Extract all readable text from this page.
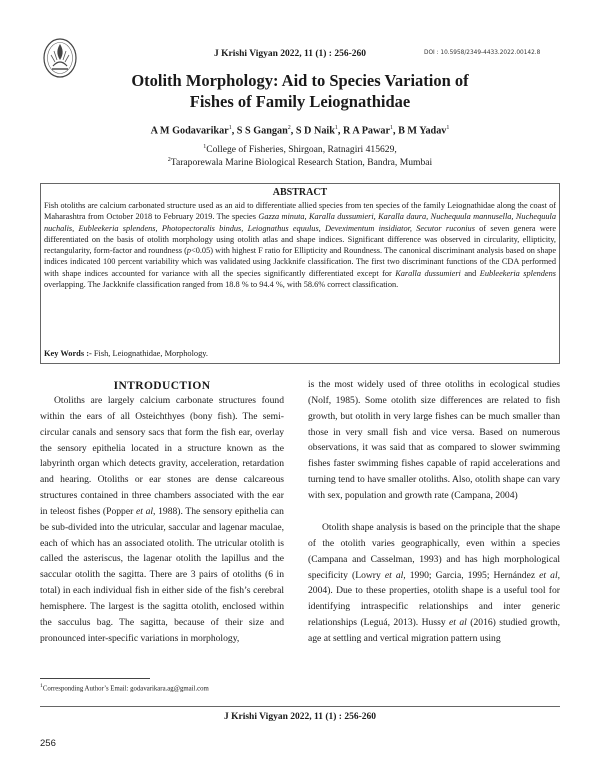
J Krishi Vigyan 2022, 11 (1) : 256-260	DOI : 10.5958/2349-4433.2022.00142.8
Otolith Morphology: Aid to Species Variation of
Fishes of Family Leiognathidae
A M Godavarikar$^1$, S S Gangan$^2$, S D Naik$^1$, R A Pawar$^1$, B M Yadav$^1$
$^1$College of Fisheries, Shirgoan, Ratnagiri 415629,
$^2$Taraporewala Marine Biological Research Station, Bandra, Mumbai
ABSTRACT

Fish otoliths are calcium carbonated structure used as an aid to differentiate allied species from ten species of the family Leiognathidae along the coast of Maharashtra from October 2018 to February 2019. The species Gazza minuta, Karalla dussumieri, Karalla daura, Nuchequula mannusella, Nuchequula nuchalis, Eubleekeria splendens, Photopectoralis bindus, Leiognathus equulus, Deveximentum insidiator, Secutor ruconius of seven genera were differentiated on the basis of otolith morphology using otolith atlas and shape indices. Significant difference was observed in circularity, ellipticity, rectangularity, form-factor and roundness (p<0.05) with highest F ratio for Ellipticity and Roundness. The canonical discriminant analysis based on shape indices indicated 100 percent variability which was validated using Jackknife classification. The first two discriminant functions of the CDA performed with shape indices accounted for variance with all the species significantly differentiated except for Karalla dussumieri and Eubleekeria splendens overlapping. The Jackknife classification ranged from 18.8 % to 94.4 %, with 58.6% correct classification.

Key Words :- Fish, Leiognathidae, Morphology.
INTRODUCTION

Otoliths are largely calcium carbonate structures found within the ears of all Osteichthyes (bony fish). The semi-circular canals and sensory sacs that form the fish ear, overlay the sensory epithelia located in a structure known as the labyrinth organ which detects gravity, acceleration, retardation and hearing. Otoliths or ear stones are dense calcareous structures contained in three chambers associated with the ear in teleost fishes (Popper et al, 1988). The sensory epithelia can be sub-divided into the utricular, saccular and lagenar maculae, each of which has an associated otolith. The utricular otolith is called the asteriscus, the lagenar otolith the lapillus and the saccular otolith the sagitta. There are 3 pairs of otoliths (6 in total) in each individual fish in either side of the fish’s cerebral hemisphere. The largest is the sagitta otolith, enclosed within the sacculus bag. The sagitta, because of their size and pronounced inter-specific variations in morphology,

is the most widely used of three otoliths in ecological studies (Nolf, 1985). Some otolith size differences are related to fish growth, but otolith in very large fishes can be much smaller than those in very small fish and vice versa. Based on numerous observations, it was said that as compared to slower swimming fishes faster swimming fishes capable of rapid accelerations and turning tend to have smaller otoliths. Also, otolith shape can vary with sex, population and growth rate (Campana, 2004)

Otolith shape analysis is based on the principle that the shape of the otolith varies geographically, even within a species (Campana and Casselman, 1993) and has high morphological specificity (Lowry et al, 1990; Garcia, 1995; Hernández et al, 2004). Due to these properties, otolith shape is a useful tool for identifying intraspecific relationships and inter generic relationships (Leguá, 2013). Hussy et al (2016) studied growth, age at settling and vertical migration pattern using

$^1$Corresponding Author’s Email: godavarikara.ag@gmail.com
J Krishi Vigyan 2022, 11 (1) : 256-260
256
